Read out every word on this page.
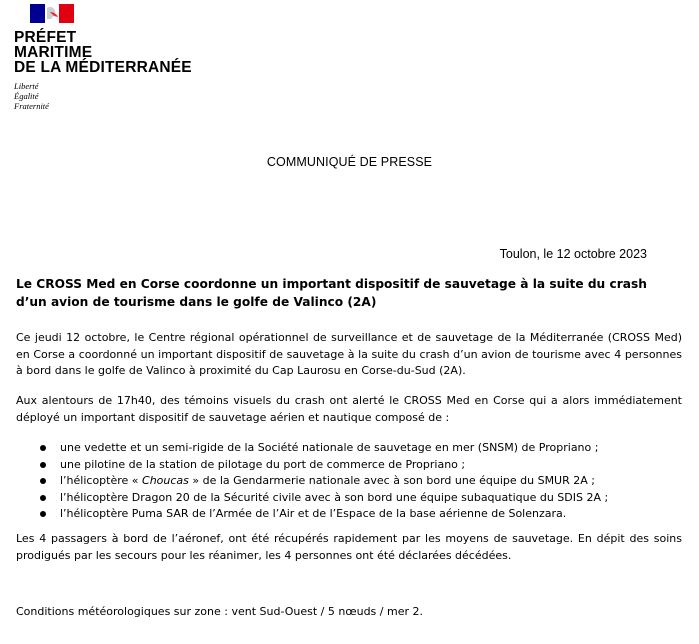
PRÉFET
MARITIME
DE LA MÉDITERRANÉE
Liberté
Égalité
Fraternité
COMMUNIQUÉ DE PRESSE
Toulon, le 12 octobre 2023
Le CROSS Med en Corse coordonne un important dispositif de sauvetage à la suite du crash d’un avion de tourisme dans le golfe de Valinco (2A)
Ce jeudi 12 octobre, le Centre régional opérationnel de surveillance et de sauvetage de la Méditerranée (CROSS Med) en Corse a coordonné un important dispositif de sauvetage à la suite du crash d’un avion de tourisme avec 4 personnes à bord dans le golfe de Valinco à proximité du Cap Laurosu en Corse-du-Sud (2A).
Aux alentours de 17h40, des témoins visuels du crash ont alerté le CROSS Med en Corse qui a alors immédiatement déployé un important dispositif de sauvetage aérien et nautique composé de :
une vedette et un semi-rigide de la Société nationale de sauvetage en mer (SNSM) de Propriano ;
une pilotine de la station de pilotage du port de commerce de Propriano ;
l’hélicoptère « Choucas » de la Gendarmerie nationale avec à son bord une équipe du SMUR 2A ;
l’hélicoptère Dragon 20 de la Sécurité civile avec à son bord une équipe subaquatique du SDIS 2A ;
l’hélicoptère Puma SAR de l’Armée de l’Air et de l’Espace de la base aérienne de Solenzara.
Les 4 passagers à bord de l’aéronef, ont été récupérés rapidement par les moyens de sauvetage. En dépit des soins prodigués par les secours pour les réanimer, les 4 personnes ont été déclarées décédées.
Conditions météorologiques sur zone : vent Sud-Ouest / 5 nœuds / mer 2.
